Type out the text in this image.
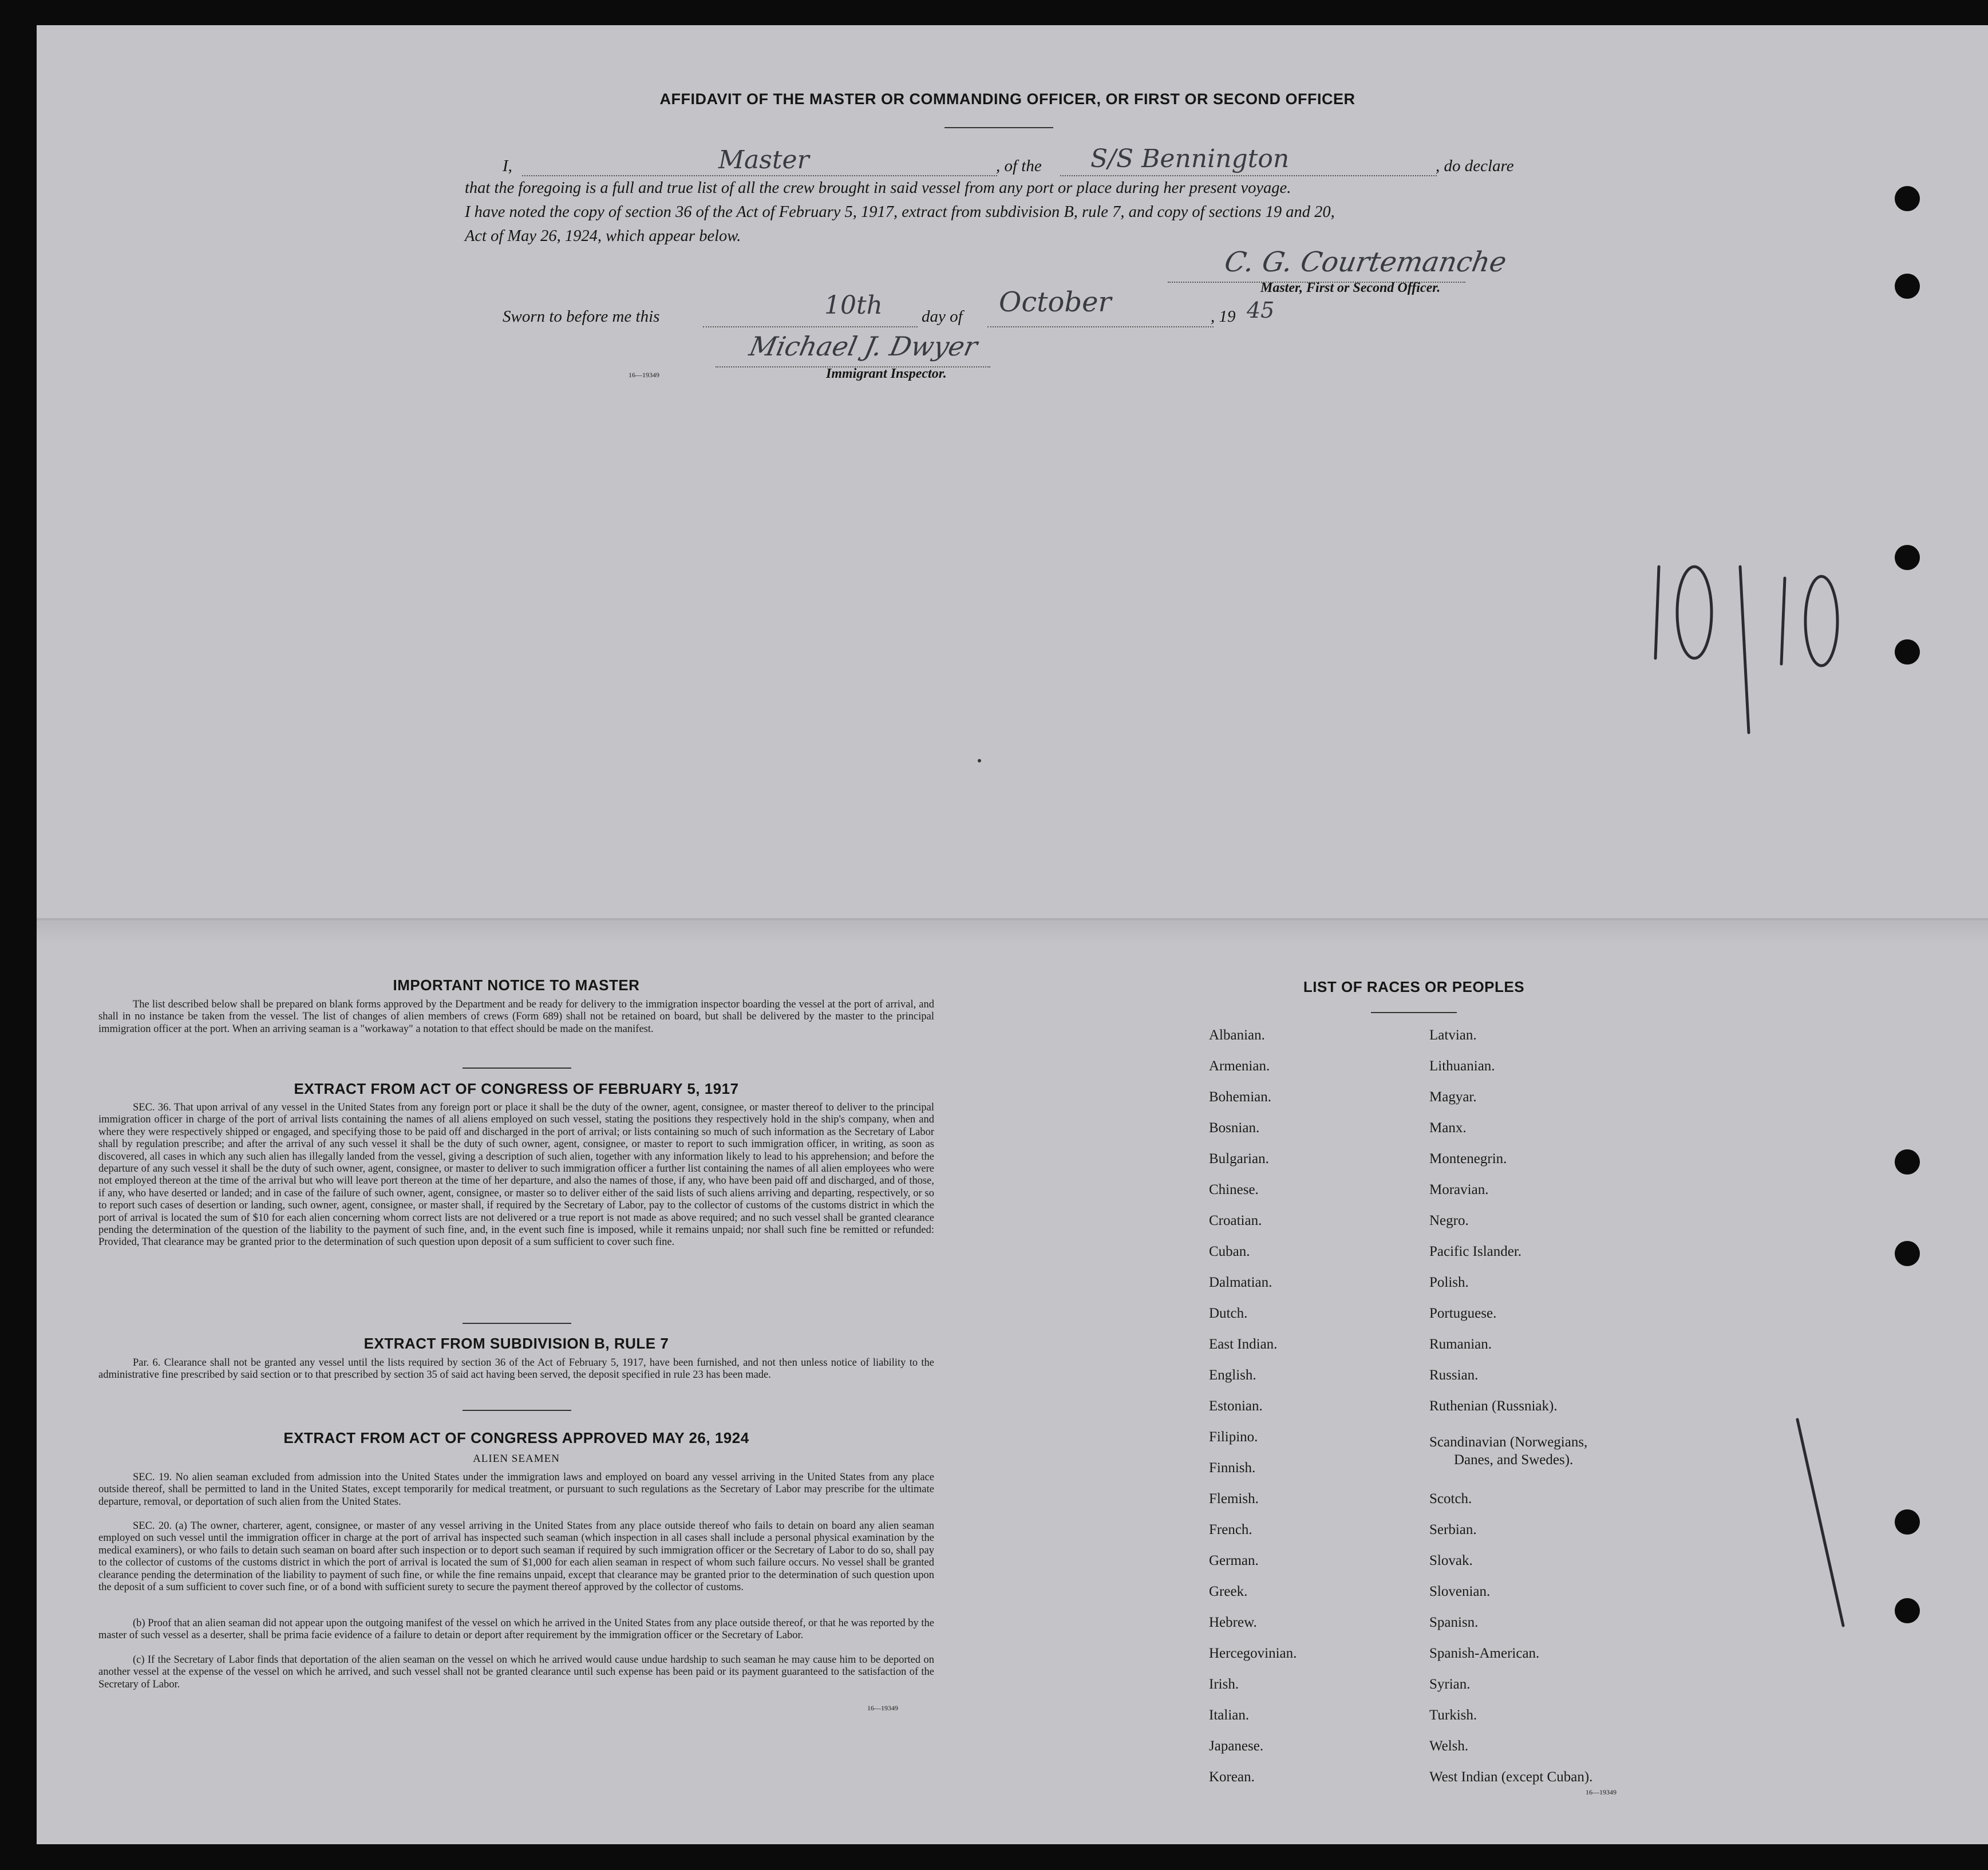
AFFIDAVIT OF THE MASTER OR COMMANDING OFFICER, OR FIRST OR SECOND OFFICER
I,	Master	, of the S/S Bennington	, do declare
that the foregoing is a full and true list of all the crew brought in said vessel from any port or place during her present voyage.
I have noted the copy of section 36 of the Act of February 5, 1917, extract from subdivision B, rule 7, and copy of sections 19 and 20,
Act of May 26, 1924, which appear below.
C. G. Courtemanche
Master, First or Second Officer.
Sworn to before me this	10th day of October	, 19 45
Michael J. Dwyer
Immigrant Inspector.
16—19349
IMPORTANT NOTICE TO MASTER
The list described below shall be prepared on blank forms approved by the Department and be ready for delivery to the immigration inspector boarding the vessel at the port of arrival, and shall in no instance be taken from the vessel. The list of changes of alien members of crews (Form 689) shall not be retained on board, but shall be delivered by the master to the principal immigration officer at the port. When an arriving seaman is a "workaway" a notation to that effect should be made on the manifest.
EXTRACT FROM ACT OF CONGRESS OF FEBRUARY 5, 1917
SEC. 36. That upon arrival of any vessel in the United States from any foreign port or place it shall be the duty of the owner, agent, consignee, or master thereof to deliver to the principal immigration officer in charge of the port of arrival lists containing the names of all aliens employed on such vessel, stating the positions they respectively hold in the ship's company, when and where they were respectively shipped or engaged, and specifying those to be paid off and discharged in the port of arrival; or lists containing so much of such information as the Secretary of Labor shall by regulation prescribe; and after the arrival of any such vessel it shall be the duty of such owner, agent, consignee, or master to report to such immigration officer, in writing, as soon as discovered, all cases in which any such alien has illegally landed from the vessel, giving a description of such alien, together with any information likely to lead to his apprehension; and before the departure of any such vessel it shall be the duty of such owner, agent, consignee, or master to deliver to such immigration officer a further list containing the names of all alien employees who were not employed thereon at the time of the arrival but who will leave port thereon at the time of her departure, and also the names of those, if any, who have been paid off and discharged, and of those, if any, who have deserted or landed; and in case of the failure of such owner, agent, consignee, or master so to deliver either of the said lists of such aliens arriving and departing, respectively, or so to report such cases of desertion or landing, such owner, agent, consignee, or master shall, if required by the Secretary of Labor, pay to the collector of customs of the customs district in which the port of arrival is located the sum of $10 for each alien concerning whom correct lists are not delivered or a true report is not made as above required; and no such vessel shall be granted clearance pending the determination of the question of the liability to the payment of such fine, and, in the event such fine is imposed, while it remains unpaid; nor shall such fine be remitted or refunded: Provided, That clearance may be granted prior to the determination of such question upon deposit of a sum sufficient to cover such fine.
EXTRACT FROM SUBDIVISION B, RULE 7
Par. 6. Clearance shall not be granted any vessel until the lists required by section 36 of the Act of February 5, 1917, have been furnished, and not then unless notice of liability to the administrative fine prescribed by said section or to that prescribed by section 35 of said act having been served, the deposit specified in rule 23 has been made.
EXTRACT FROM ACT OF CONGRESS APPROVED MAY 26, 1924
ALIEN SEAMEN
SEC. 19. No alien seaman excluded from admission into the United States under the immigration laws and employed on board any vessel arriving in the United States from any place outside thereof, shall be permitted to land in the United States, except temporarily for medical treatment, or pursuant to such regulations as the Secretary of Labor may prescribe for the ultimate departure, removal, or deportation of such alien from the United States.
SEC. 20. (a) The owner, charterer, agent, consignee, or master of any vessel arriving in the United States from any place outside thereof who fails to detain on board any alien seaman employed on such vessel until the immigration officer in charge at the port of arrival has inspected such seaman (which inspection in all cases shall include a personal physical examination by the medical examiners), or who fails to detain such seaman on board after such inspection or to deport such seaman if required by such immigration officer or the Secretary of Labor to do so, shall pay to the collector of customs of the customs district in which the port of arrival is located the sum of $1,000 for each alien seaman in respect of whom such failure occurs. No vessel shall be granted clearance pending the determination of the liability to payment of such fine, or while the fine remains unpaid, except that clearance may be granted prior to the determination of such question upon the deposit of a sum sufficient to cover such fine, or of a bond with sufficient surety to secure the payment thereof approved by the collector of customs.
(b) Proof that an alien seaman did not appear upon the outgoing manifest of the vessel on which he arrived in the United States from any place outside thereof, or that he was reported by the master of such vessel as a deserter, shall be prima facie evidence of a failure to detain or deport after requirement by the immigration officer or the Secretary of Labor.
(c) If the Secretary of Labor finds that deportation of the alien seaman on the vessel on which he arrived would cause undue hardship to such seaman he may cause him to be deported on another vessel at the expense of the vessel on which he arrived, and such vessel shall not be granted clearance until such expense has been paid or its payment guaranteed to the satisfaction of the Secretary of Labor.
16—19349
LIST OF RACES OR PEOPLES
Albanian.
Armenian.
Bohemian.
Bosnian.
Bulgarian.
Chinese.
Croatian.
Cuban.
Dalmatian.
Dutch.
East Indian.
English.
Estonian.
Filipino.
Finnish.
Flemish.
French.
German.
Greek.
Hebrew.
Hercegovinian.
Irish.
Italian.
Japanese.
Korean.
Latvian.
Lithuanian.
Magyar.
Manx.
Montenegrin.
Moravian.
Negro.
Pacific Islander.
Polish.
Portuguese.
Rumanian.
Russian.
Ruthenian (Russniak).
Scandinavian (Norwegians,
Danes, and Swedes).
Scotch.
Serbian.
Slovak.
Slovenian.
Spanisn.
Spanish-American.
Syrian.
Turkish.
Welsh.
West Indian (except Cuban).
16—19349
